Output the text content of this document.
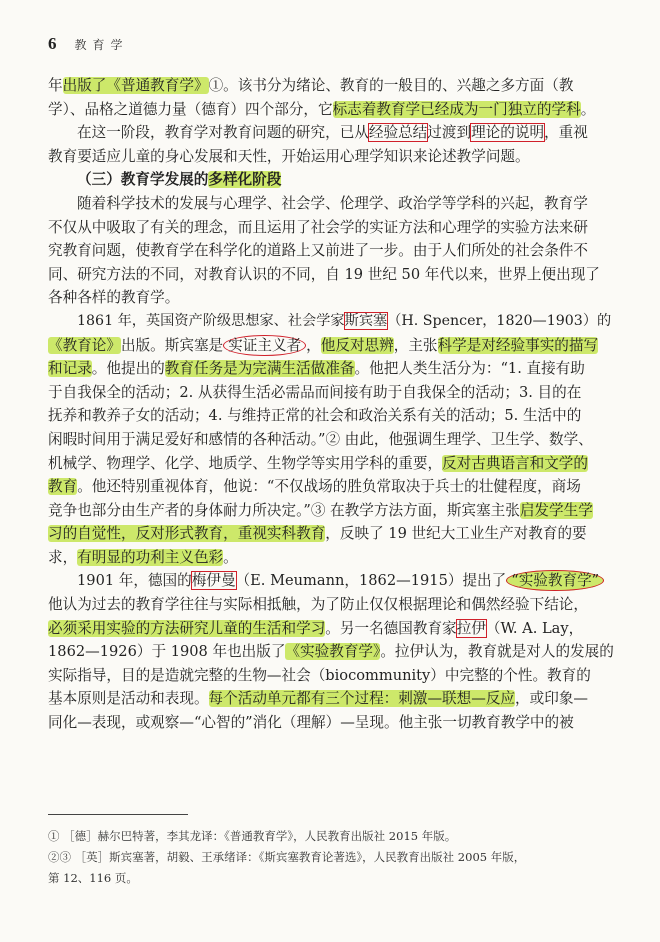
6 教育学
年出版了《普通教育学》①。该书分为绪论、教育的一般目的、兴趣之多方面（教
学）、品格之道德力量（德育）四个部分，它标志着教育学已经成为一门独立的学科。
在这一阶段，教育学对教育问题的研究，已从经验总结过渡到理论的说明，重视
教育要适应儿童的身心发展和天性，开始运用心理学知识来论述教学问题。
（三）教育学发展的多样化阶段
随着科学技术的发展与心理学、社会学、伦理学、政治学等学科的兴起，教育学
不仅从中吸取了有关的理念，而且运用了社会学的实证方法和心理学的实验方法来研
究教育问题，使教育学在科学化的道路上又前进了一步。由于人们所处的社会条件不
同、研究方法的不同，对教育认识的不同，自 19 世纪 50 年代以来，世界上便出现了
各种各样的教育学。
1861 年，英国资产阶级思想家、社会学家斯宾塞（H. Spencer，1820—1903）的
《教育论》出版。斯宾塞是 实证主义者 ，他反对思辨，主张科学是对经验事实的描写
和记录。他提出的教育任务是为完满生活做准备。他把人类生活分为：“1. 直接有助
于自我保全的活动；2. 从获得生活必需品而间接有助于自我保全的活动；3. 目的在
抚养和教养子女的活动；4. 与维持正常的社会和政治关系有关的活动；5. 生活中的
闲暇时间用于满足爱好和感情的各种活动。”② 由此，他强调生理学、卫生学、数学、
机械学、物理学、化学、地质学、生物学等实用学科的重要，反对古典语言和文学的
教育。他还特别重视体育，他说：“不仅战场的胜负常取决于兵士的壮健程度，商场
竞争也部分由生产者的身体耐力所决定。”③ 在教学方法方面，斯宾塞主张启发学生学
习的自觉性，反对形式教育，重视实科教育，反映了 19 世纪大工业生产对教育的要
求，有明显的功利主义色彩。
1901 年，德国的梅伊曼（E. Meumann，1862—1915）提出了 “实验教育学”
他认为过去的教育学往往与实际相抵触，为了防止仅仅根据理论和偶然经验下结论，
必须采用实验的方法研究儿童的生活和学习。另一名德国教育家拉伊（W. A. Lay，
1862—1926）于 1908 年也出版了《实验教育学》。拉伊认为，教育就是对人的发展的
实际指导，目的是造就完整的生物—社会（biocommunity）中完整的个性。教育的
基本原则是活动和表现。每个活动单元都有三个过程：刺激—联想—反应，或印象—
同化—表现，或观察—“心智的”消化（理解）—呈现。他主张一切教育教学中的被
① ［德］赫尔巴特著，李其龙译：《普通教育学》，人民教育出版社 2015 年版。
②③ ［英］斯宾塞著，胡毅、王承绪译：《斯宾塞教育论著选》，人民教育出版社 2005 年版，
第 12、116 页。
